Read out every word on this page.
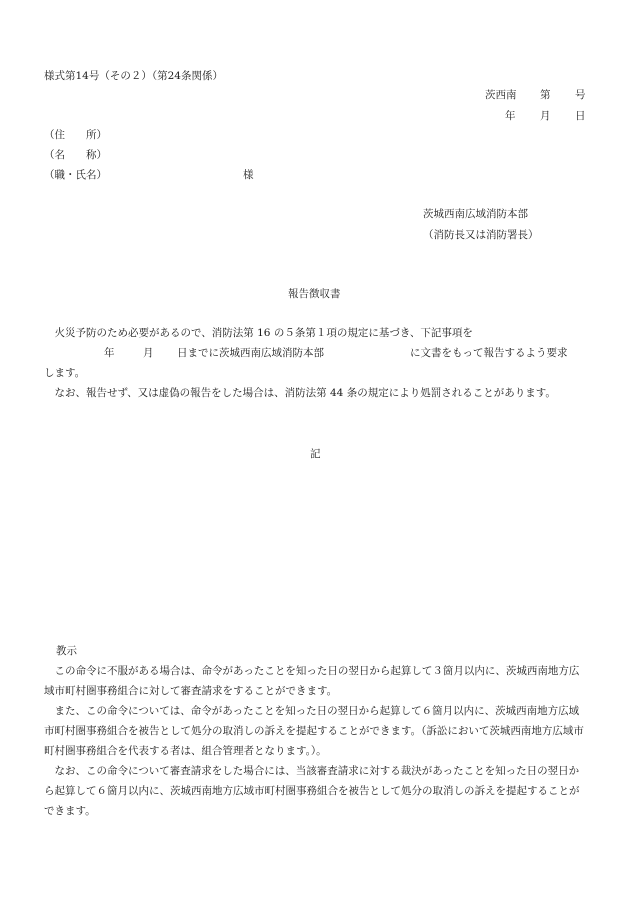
様式第14号（その２）（第24条関係）
茨西南 第 号
年 月 日
（住　　所）
（名　　称）
（職・氏名）	様
茨城西南広域消防本部
（消防長又は消防署長）
報告徴収書

火災予防のため必要があるので、消防法第 16 の５条第１項の規定に基づき、下記事項を

年	月 日までに茨城西南広域消防本部	に文書をもって報告するよう要求
します。

なお、報告せず、又は虚偽の報告をした場合は、消防法第 44 条の規定により処罰されることがあります。

記
教示

この命令に不服がある場合は、命令があったことを知った日の翌日から起算して３箇月以内に、茨城西南地方広域市町村圏事務組合に対して審査請求をすることができます。

また、この命令については、命令があったことを知った日の翌日から起算して６箇月以内に、茨城西南地方広域市町村圏事務組合を被告として処分の取消しの訴えを提起することができます。（訴訟において茨城西南地方広域市町村圏事務組合を代表する者は、組合管理者となります。）。

なお、この命令について審査請求をした場合には、当該審査請求に対する裁決があったことを知った日の翌日から起算して６箇月以内に、茨城西南地方広域市町村圏事務組合を被告として処分の取消しの訴えを提起することができます。
